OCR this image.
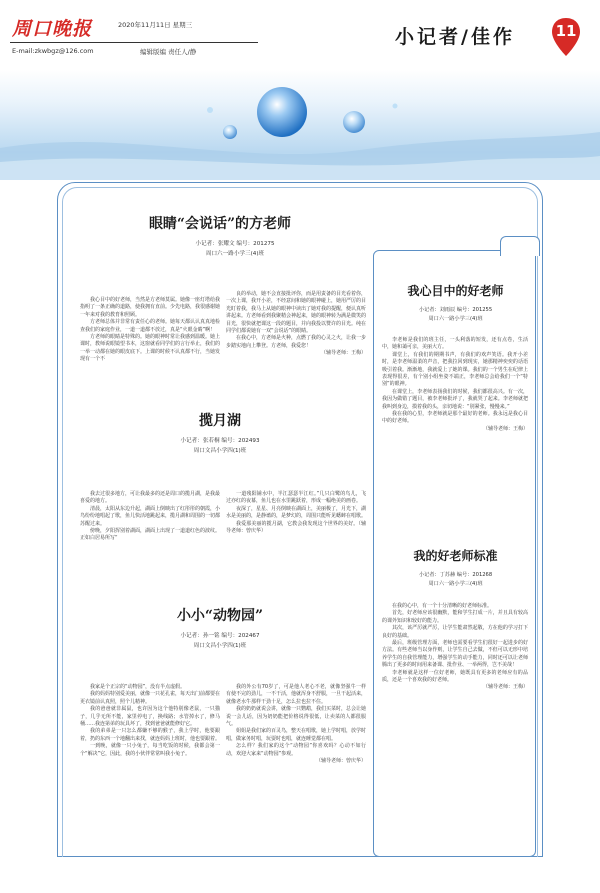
周口晚报	2020年11月11日 星期三
E-mail:zkwbgz@126.com	编辑版编 责任人/静
小记者/佳作	11
眼睛“会说话”的方老师
小记者：张耀文 编号：201275
周口六一路小学三(4)班

我心目中的好老师，当然是方老师莫属。她像一座灯塔给我指明了一条正确的道路，使我拥有直前。少先电路，我很感谢她一年来对我的教育和照顾。

方老师总体并非常有责任心的老师。她每天都认认真真地检查我们的家庭作业，一道一道都不放过，真是“火眼金睛”啊！

方老师的眼睛是特殊的。她的眼神时常让我感到温暖。她上课时，教师说眼镜望书本，这窗就看同学们的言行举止，我们的一举一动都在她的眼皮底下。上课的时候不认真都不行，当她发现有一个不

良的举动，她不会直接批评你，而是用责备的目光看着你，一次上课，我开小差，不经意间和她的眼神碰上，她用严厉的目光盯着我，我马上从她的眼神中读出了她对我的提醒，便认真听讲起来。方老师看到我聚精会神起来，她的眼神转为满是微笑的目光，很快就把课这一段的题目，并向我投以赞许的目光。纯在同学们都说她有一双“会说话”的眼睛。

在我心中，方老师是火种，点燃了我的心灵之火，让我一步步踏实地向上攀登。方老师，我爱您！

（辅导老师：王梅）

揽月湖
小记者：张若桐 编号：202493
周口文昌小学四(1)班

我去过很多地方，可让我最多的还是周口的揽月湖，是我最喜爱的地方。

清晨，太阳从东边升起，湖面上倒映出了红彤彤的朝霞，小鸟纷纷地唱起了歌，鱼儿快活地跳起来，揽月湖和周围的一切都苏醒过来。

傍晚，夕阳挥别着湖面，湖面上出现了一道道红色的波纹。正如白居易所写“

一道残阳铺水中，半江瑟瑟半江红。”几只白鹭的鸟儿，飞过亦红的夜幕，鱼儿也在水里跳跃着，形成一幅绝美的画卷。

夜深了，星星、月亮倒映在湖面上，美丽极了，月光下，湖水是美丽的，是静谧的，是梦幻的，周围只能听见蟋蟀在唱歌。

我爱那美丽的揽月湖，它教会我发现这个世界的美好。（辅导老师：曾庆华）

小小“动物园”
小记者：孙一铭 编号：202467
周口文昌小学四(1)班

我家是个正宗的“动物园”，没有半点虚假。

我的妈妈特别爱美丽，就像一只花孔雀，每天出门前都要在更衣镜前认真照，照个儿精神。

我的爸爸就非属鼠，也许因为这个他特别像老鼠，一只猫子，几乎无所不能，家里停电了，换线路；水管掉水了，修马桶……我连第弟的玩具坏了，找到爸爸就能修好它。

我的弟弟是一只怎么都嫌不够的猴子，我上学时，他要跟着，扔的东西一个地翻出来找，就连妈妈上班时，他也要跟着。

一到晚，就像一只小兔子，每当吃饭的时候，我都会第一个“解决”它，因此，我的小伙伴常常叫我小兔子。

我的外公有70岁了，可是他人老心不老，就像坚强牛一样有使不完的劲儿，一不干活，他就浑身不舒服，一旦干起活来，就像老水牛那样干劲十足，怎么拉也拉不住。

我的奶奶就说会讲，就像一只鹦鹉，我们买菜时，总会让她说一会儿话，因为奶奶能把价格说得很低，让卖菜的人都很服气。

姐姐是我们家的百灵鸟，整天在唱歌，她上学时唱，放学时唱，做家务时唱，玩耍时也唱，就连睡觉都在唱。

怎么样？我们家的这个“动物园”你喜欢吗？心动不如行动，欢迎大家来“动物园”参观。

（辅导老师：曾庆华）

我心目中的好老师
小记者：刘雨辰 编号：201255
周口六一路小学三(4)班

李老师是我们的班主任，一头利落的短发，还有点卷，生活中，她和蔼可亲，美丽大方。

课堂上，有我们的期期书声，有我们的欢声笑语。我开小差时，是李老师温柔的声音，把我拉回到现实，她那精神奕奕的话语吸引着我。渐渐地，我就爱上了她的课。我们的一个男生在纪律上表现得很差，有个别小组坐姿不端正，李老师总会给我们一个“特别”的眼神。

在课堂上，李老师表扬我们的时候，我们都很高兴。有一次，我因为做错了题目，被李老师批评了，我就哭了起来。李老师就把我叫到身边，摸着我的头，亲切地说：“别紧张，慢慢来。”

我在我的心里，李老师就是那个最好的老师。我永远是我心目中的好老师。

（辅导老师：王梅）

我的好老师标准
小记者：丁苏赫 编号：201268
周口六一路小学三(4)班

在我的心中，有一个十分清晰的好老师标准。

首先，好老师应该很幽默，能和学生打成一片，并且具有较高的课外知识和较好的能力。

其次，该严厉就严厉，让学生能肃然起敬，方在他的学习打下良好的基础。

最后，班级管理方面，老师也需要看学生们很好一起进步的好方法。有些老师当以身作则，让学生自己去做，不但可以无形中培养学生的自我管理能力，增强学生的动手能力，同时还可以让老师腾出了更多的时间用来备课、批作业、一举两得，岂不美哉！

李老师就是这样一位好老师，她既具有更多的老师应有的品质，还是一个喜欢我的好老师。

（辅导老师：王梅）
